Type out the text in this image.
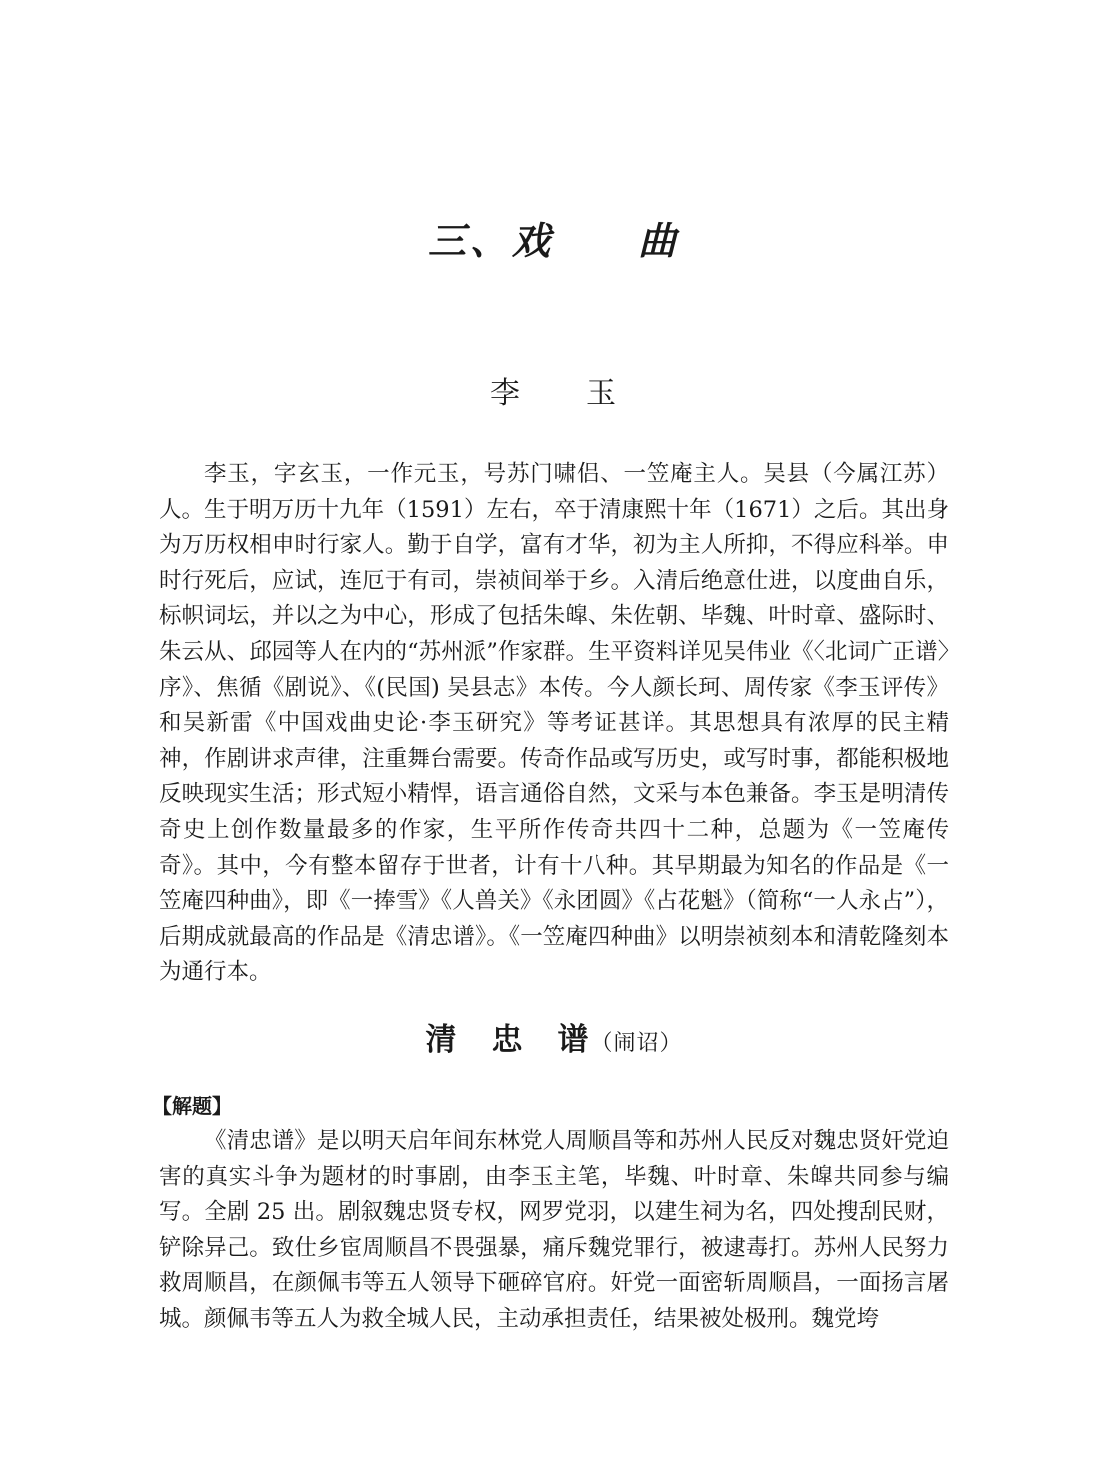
三、戏　　曲
李　　玉

李玉，字玄玉，一作元玉，号苏门啸侣、一笠庵主人。吴县（今属江苏）人。生于明万历十九年（1591）左右，卒于清康熙十年（1671）之后。其出身为万历权相申时行家人。勤于自学，富有才华，初为主人所抑，不得应科举。申时行死后，应试，连厄于有司，崇祯间举于乡。入清后绝意仕进，以度曲自乐，标帜词坛，并以之为中心，形成了包括朱皡、朱佐朝、毕魏、叶时章、盛际时、朱云从、邱园等人在内的“苏州派”作家群。生平资料详见吴伟业《〈北词广正谱〉序》、焦循《剧说》、《(民国) 吴县志》本传。今人颜长珂、周传家《李玉评传》和吴新雷《中国戏曲史论·李玉研究》等考证甚详。其思想具有浓厚的民主精神，作剧讲求声律，注重舞台需要。传奇作品或写历史，或写时事，都能积极地反映现实生活；形式短小精悍，语言通俗自然，文采与本色兼备。李玉是明清传奇史上创作数量最多的作家，生平所作传奇共四十二种，总题为《一笠庵传奇》。其中，今有整本留存于世者，计有十八种。其早期最为知名的作品是《一笠庵四种曲》，即《一捧雪》《人兽关》《永团圆》《占花魁》（简称“一人永占”），后期成就最高的作品是《清忠谱》。《一笠庵四种曲》以明崇祯刻本和清乾隆刻本为通行本。

清　忠　谱（闹诏）
【解题】

《清忠谱》是以明天启年间东林党人周顺昌等和苏州人民反对魏忠贤奸党迫害的真实斗争为题材的时事剧，由李玉主笔，毕魏、叶时章、朱皡共同参与编写。全剧 25 出。剧叙魏忠贤专权，网罗党羽，以建生祠为名，四处搜刮民财，铲除异己。致仕乡宦周顺昌不畏强暴，痛斥魏党罪行，被逮毒打。苏州人民努力救周顺昌，在颜佩韦等五人领导下砸碎官府。奸党一面密斩周顺昌，一面扬言屠城。颜佩韦等五人为救全城人民，主动承担责任，结果被处极刑。魏党垮
